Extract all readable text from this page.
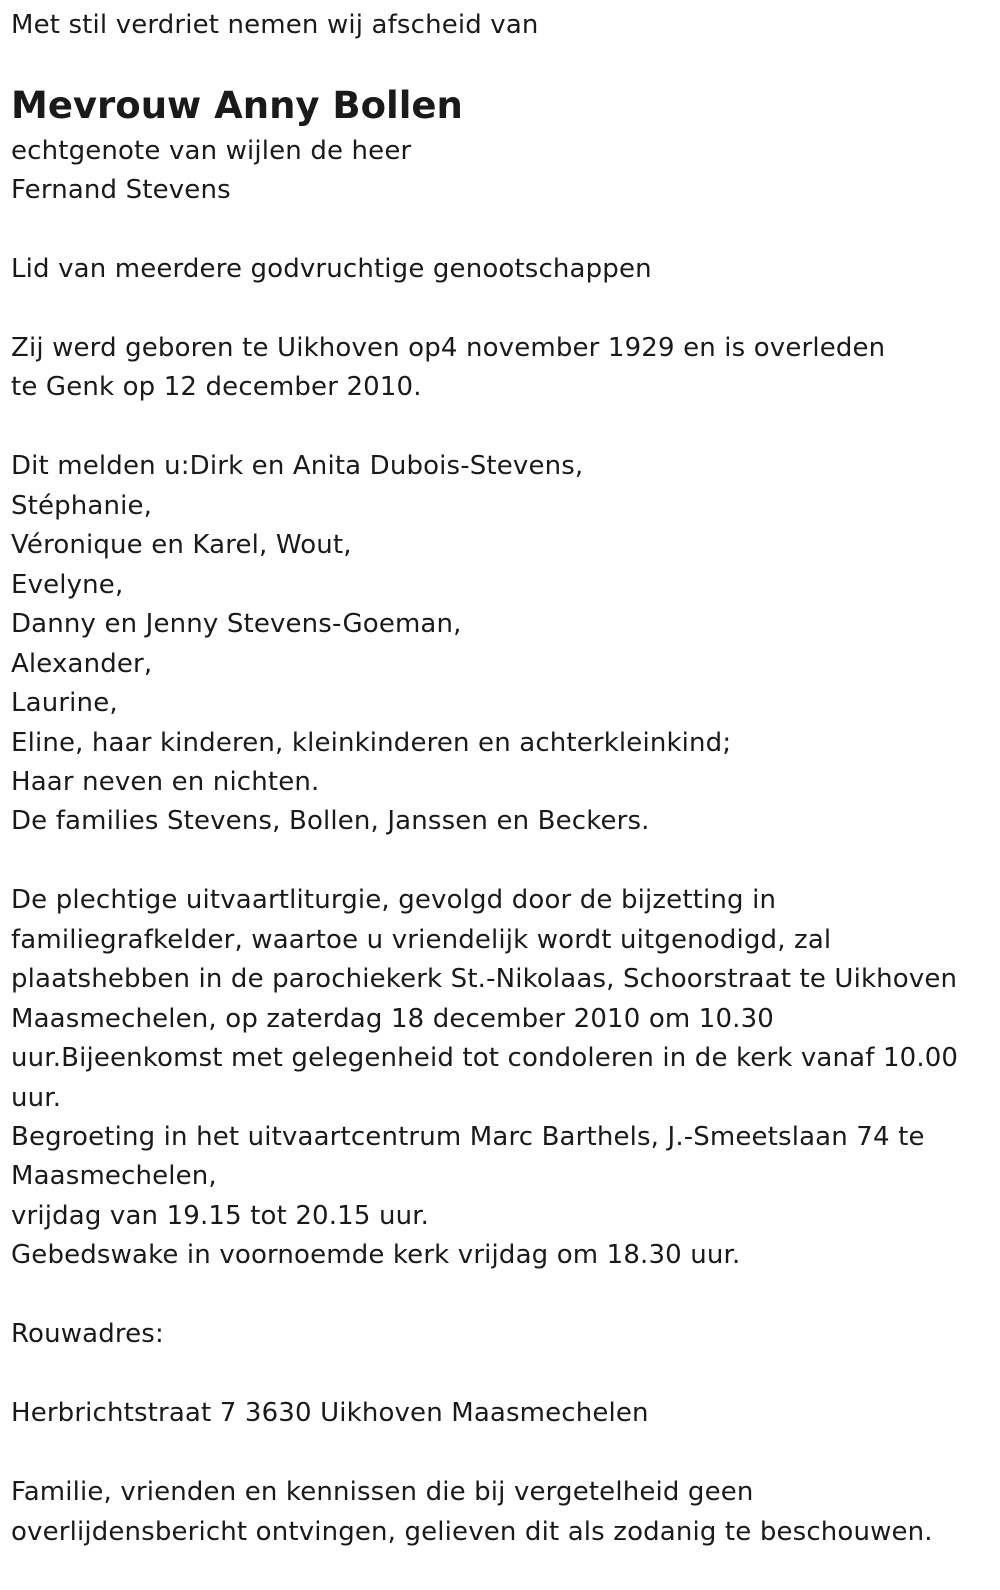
Met stil verdriet nemen wij afscheid van
Mevrouw Anny Bollen
echtgenote van wijlen de heer
Fernand Stevens
Lid van meerdere godvruchtige genootschappen
Zij werd geboren te Uikhoven op4 november 1929 en is overleden
te Genk op 12 december 2010.
Dit melden u:Dirk en Anita Dubois-Stevens,
Stéphanie,
Véronique en Karel, Wout,
Evelyne,
Danny en Jenny Stevens-Goeman,
Alexander,
Laurine,
Eline, haar kinderen, kleinkinderen en achterkleinkind;
Haar neven en nichten.
De families Stevens, Bollen, Janssen en Beckers.
De plechtige uitvaartliturgie, gevolgd door de bijzetting in
familiegrafkelder, waartoe u vriendelijk wordt uitgenodigd, zal
plaatshebben in de parochiekerk St.-Nikolaas, Schoorstraat te Uikhoven
Maasmechelen, op zaterdag 18 december 2010 om 10.30
uur.Bijeenkomst met gelegenheid tot condoleren in de kerk vanaf 10.00
uur.
Begroeting in het uitvaartcentrum Marc Barthels, J.-Smeetslaan 74 te
Maasmechelen,
vrijdag van 19.15 tot 20.15 uur.
Gebedswake in voornoemde kerk vrijdag om 18.30 uur.
Rouwadres:
Herbrichtstraat 7 3630 Uikhoven Maasmechelen
Familie, vrienden en kennissen die bij vergetelheid geen
overlijdensbericht ontvingen, gelieven dit als zodanig te beschouwen.
